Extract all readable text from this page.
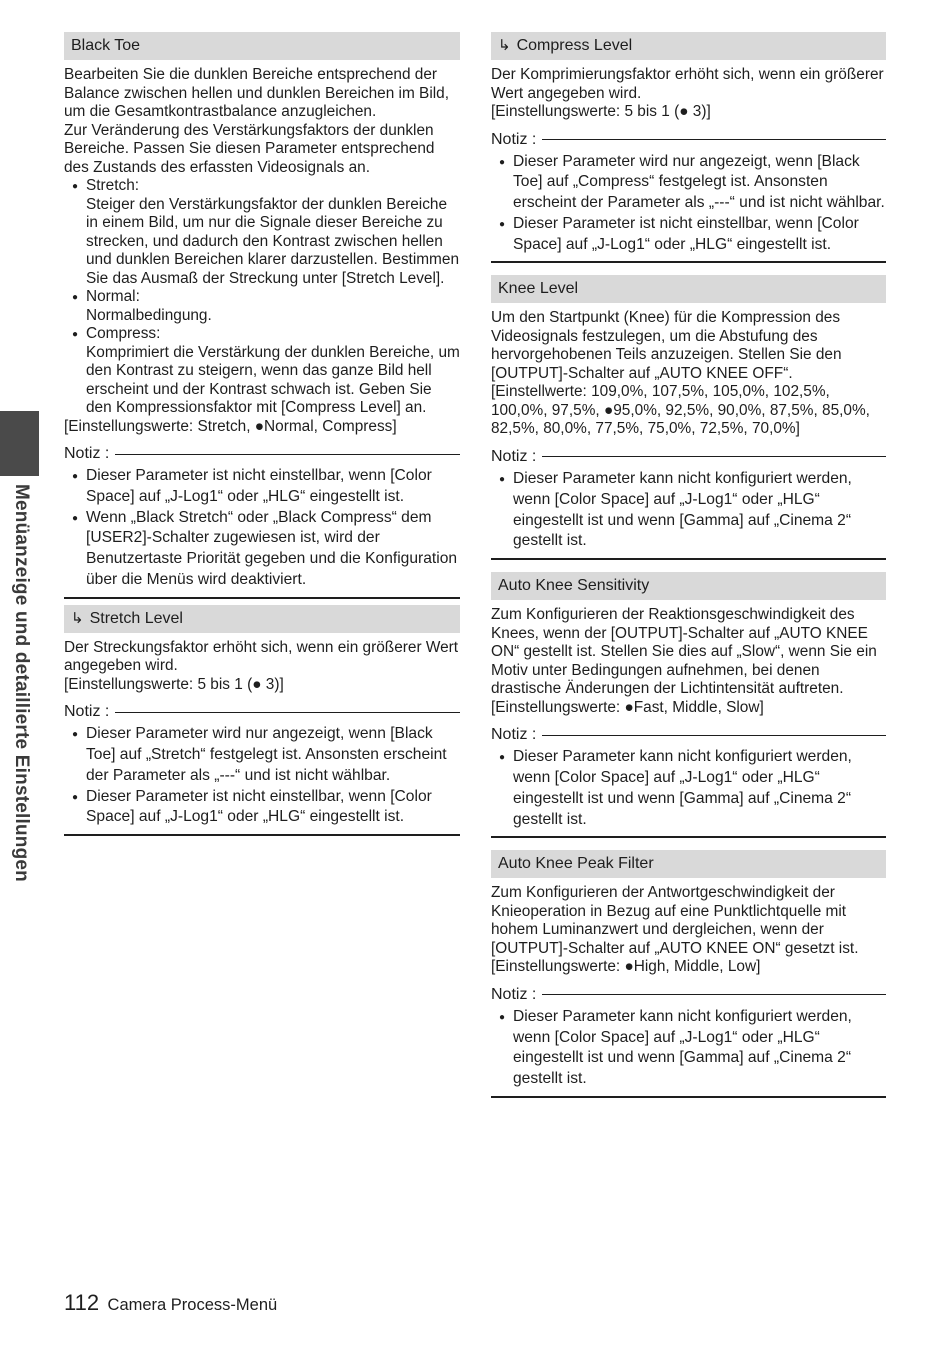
Menüanzeige und detaillierte Einstellungen
Black Toe

Bearbeiten Sie die dunklen Bereiche entsprechend der Balance zwischen hellen und dunklen Bereichen im Bild, um die Gesamtkontrastbalance anzugleichen.

Zur Veränderung des Verstärkungsfaktors der dunklen Bereiche. Passen Sie diesen Parameter entsprechend des Zustands des erfassten Videosignals an.

● Stretch:
Steiger den Verstärkungsfaktor der dunklen Bereiche in einem Bild, um nur die Signale dieser Bereiche zu strecken, und dadurch den Kontrast zwischen hellen und dunklen Bereichen klarer darzustellen. Bestimmen Sie das Ausmaß der Streckung unter [Stretch Level].
● Normal:
Normalbedingung.
● Compress:
Komprimiert die Verstärkung der dunklen Bereiche, um den Kontrast zu steigern, wenn das ganze Bild hell erscheint und der Kontrast schwach ist. Geben Sie den Kompressionsfaktor mit [Compress Level] an.

[Einstellungswerte: Stretch, ●Normal, Compress]

Notiz :
● Dieser Parameter ist nicht einstellbar, wenn [Color Space] auf „J-Log1“ oder „HLG“ eingestellt ist.
● Wenn „Black Stretch“ oder „Black Compress“ dem [USER2]-Schalter zugewiesen ist, wird der Benutzertaste Priorität gegeben und die Konfiguration über die Menüs wird deaktiviert.
↳ Stretch Level

Der Streckungsfaktor erhöht sich, wenn ein größerer Wert angegeben wird.

[Einstellungswerte: 5 bis 1 (● 3)]

Notiz :
● Dieser Parameter wird nur angezeigt, wenn [Black Toe] auf „Stretch“ festgelegt ist. Ansonsten erscheint der Parameter als „---“ und ist nicht wählbar.
● Dieser Parameter ist nicht einstellbar, wenn [Color Space] auf „J-Log1“ oder „HLG“ eingestellt ist.
↳ Compress Level

Der Komprimierungsfaktor erhöht sich, wenn ein größerer Wert angegeben wird.

[Einstellungswerte: 5 bis 1 (● 3)]

Notiz :
● Dieser Parameter wird nur angezeigt, wenn [Black Toe] auf „Compress“ festgelegt ist. Ansonsten erscheint der Parameter als „---“ und ist nicht wählbar.
● Dieser Parameter ist nicht einstellbar, wenn [Color Space] auf „J-Log1“ oder „HLG“ eingestellt ist.
Knee Level

Um den Startpunkt (Knee) für die Kompression des Videosignals festzulegen, um die Abstufung des hervorgehobenen Teils anzuzeigen. Stellen Sie den [OUTPUT]-Schalter auf „AUTO KNEE OFF“.

[Einstellwerte: 109,0%, 107,5%, 105,0%, 102,5%, 100,0%, 97,5%, ●95,0%, 92,5%, 90,0%, 87,5%, 85,0%, 82,5%, 80,0%, 77,5%, 75,0%, 72,5%, 70,0%]

Notiz :
● Dieser Parameter kann nicht konfiguriert werden, wenn [Color Space] auf „J-Log1“ oder „HLG“ eingestellt ist und wenn [Gamma] auf „Cinema 2“ gestellt ist.
Auto Knee Sensitivity

Zum Konfigurieren der Reaktionsgeschwindigkeit des Knees, wenn der [OUTPUT]-Schalter auf „AUTO KNEE ON“ gestellt ist. Stellen Sie dies auf „Slow“, wenn Sie ein Motiv unter Bedingungen aufnehmen, bei denen drastische Änderungen der Lichtintensität auftreten.

[Einstellungswerte: ●Fast, Middle, Slow]

Notiz :
● Dieser Parameter kann nicht konfiguriert werden, wenn [Color Space] auf „J-Log1“ oder „HLG“ eingestellt ist und wenn [Gamma] auf „Cinema 2“ gestellt ist.
Auto Knee Peak Filter

Zum Konfigurieren der Antwortgeschwindigkeit der Knieoperation in Bezug auf eine Punktlichtquelle mit hohem Luminanzwert und dergleichen, wenn der [OUTPUT]-Schalter auf „AUTO KNEE ON“ gesetzt ist.

[Einstellungswerte: ●High, Middle, Low]

Notiz :
● Dieser Parameter kann nicht konfiguriert werden, wenn [Color Space] auf „J-Log1“ oder „HLG“ eingestellt ist und wenn [Gamma] auf „Cinema 2“ gestellt ist.
112 Camera Process-Menü
